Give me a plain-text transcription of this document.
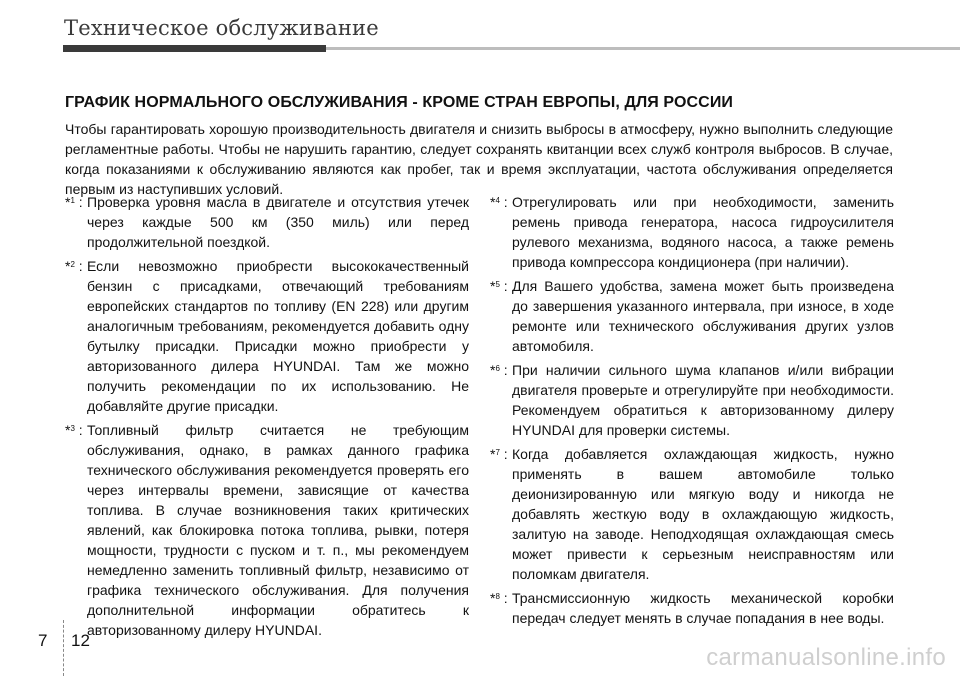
Техническое обслуживание
ГРАФИК НОРМАЛЬНОГО ОБСЛУЖИВАНИЯ - КРОМЕ СТРАН ЕВРОПЫ, ДЛЯ РОССИИ

Чтобы гарантировать хорошую производительность двигателя и снизить выбросы в атмосферу, нужно выполнить следующие регламентные работы. Чтобы не нарушить гарантию, следует сохранять квитанции всех служб контроля выбросов. В случае, когда показаниями к обслуживанию являются как пробег, так и время эксплуатации, частота обслуживания определяется первым из наступивших условий.

*$^1$ : Проверка уровня масла в двигателе и отсутствия утечек через каждые 500 км (350 миль) или перед продолжительной поездкой.
*$^2$ : Если невозможно приобрести высококачественный бензин с присадками, отвечающий требованиям европейских стандартов по топливу (EN 228) или другим аналогичным требованиям, рекомендуется добавить одну бутылку присадки. Присадки можно приобрести у авторизованного дилера HYUNDAI. Там же можно получить рекомендации по их использованию. Не добавляйте другие присадки.
*$^3$ : Топливный фильтр считается не требующим обслуживания, однако, в рамках данного графика технического обслуживания рекомендуется проверять его через интервалы времени, зависящие от качества топлива. В случае возникновения таких критических явлений, как блокировка потока топлива, рывки, потеря мощности, трудности с пуском и т. п., мы рекомендуем немедленно заменить топливный фильтр, независимо от графика технического обслуживания. Для получения дополнительной информации обратитесь к авторизованному дилеру HYUNDAI.
*$^4$ : Отрегулировать или при необходимости, заменить ремень привода генератора, насоса гидроусилителя рулевого механизма, водяного насоса, а также ремень привода компрессора кондиционера (при наличии).
*$^5$ : Для Вашего удобства, замена может быть произведена до завершения указанного интервала, при износе, в ходе ремонте или технического обслуживания других узлов автомобиля.
*$^6$ : При наличии сильного шума клапанов и/или вибрации двигателя проверьте и отрегулируйте при необходимости. Рекомендуем обратиться к авторизованному дилеру HYUNDAI для проверки системы.
*$^7$ : Когда добавляется охлаждающая жидкость, нужно применять в вашем автомобиле только деионизированную или мягкую воду и никогда не добавлять жесткую воду в охлаждающую жидкость, залитую на заводе. Неподходящая охлаждающая смесь может привести к серьезным неисправностям или поломкам двигателя.
*$^8$ : Трансмиссионную жидкость механической коробки передач следует менять в случае попадания в нее воды.
7 12
carmanualsonline.info
